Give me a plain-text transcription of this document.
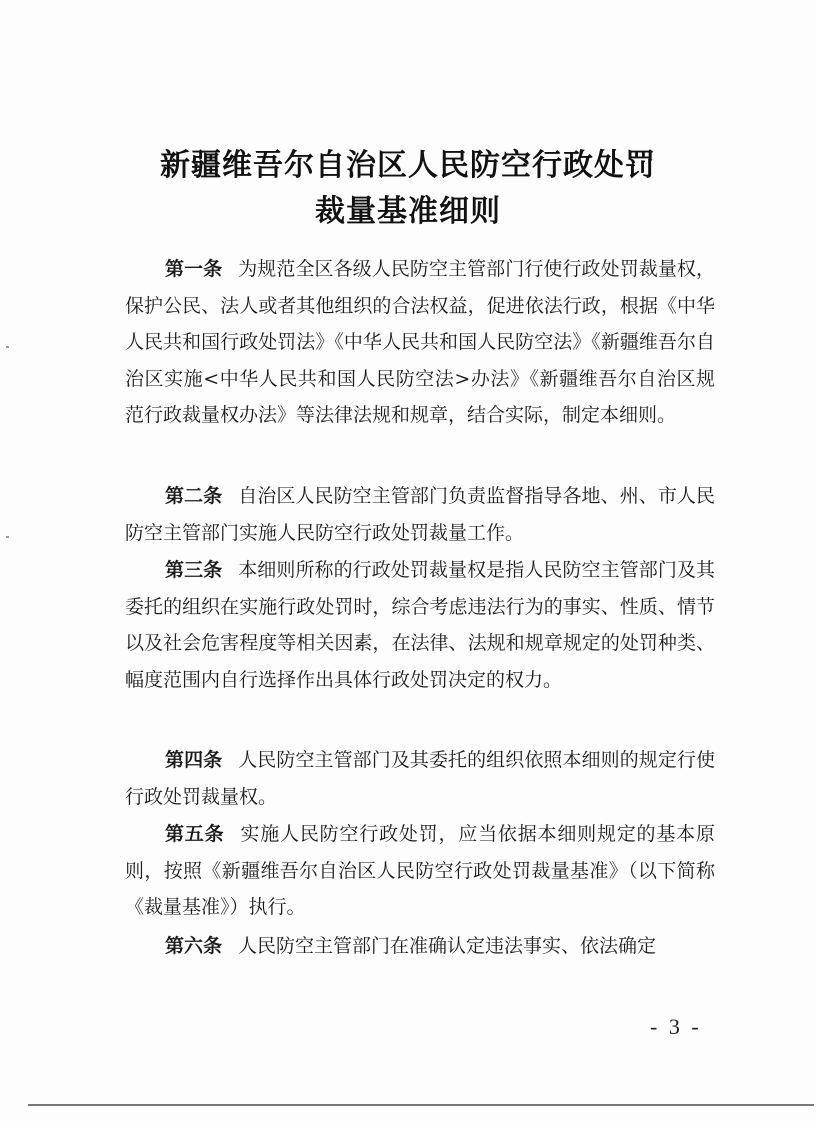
新疆维吾尔自治区人民防空行政处罚
裁量基准细则

第一条 为规范全区各级人民防空主管部门行使行政处罚裁量权，保护公民、法人或者其他组织的合法权益，促进依法行政，根据《中华人民共和国行政处罚法》《中华人民共和国人民防空法》《新疆维吾尔自治区实施<中华人民共和国人民防空法>办法》《新疆维吾尔自治区规范行政裁量权办法》等法律法规和规章，结合实际，制定本细则。

第二条 自治区人民防空主管部门负责监督指导各地、州、市人民防空主管部门实施人民防空行政处罚裁量工作。

第三条 本细则所称的行政处罚裁量权是指人民防空主管部门及其委托的组织在实施行政处罚时，综合考虑违法行为的事实、性质、情节以及社会危害程度等相关因素，在法律、法规和规章规定的处罚种类、幅度范围内自行选择作出具体行政处罚决定的权力。

第四条 人民防空主管部门及其委托的组织依照本细则的规定行使行政处罚裁量权。

第五条 实施人民防空行政处罚，应当依据本细则规定的基本原则，按照《新疆维吾尔自治区人民防空行政处罚裁量基准》（以下简称《裁量基准》）执行。

第六条 人民防空主管部门在准确认定违法事实、依法确定

- 3 -
